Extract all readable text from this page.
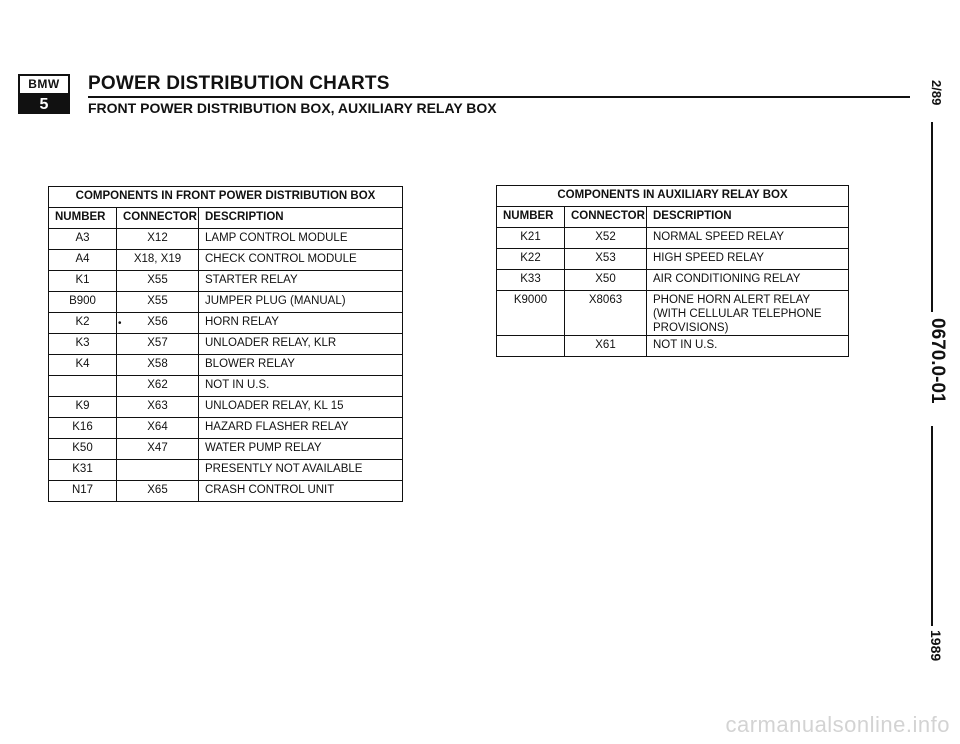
BMW
5
POWER DISTRIBUTION CHARTS
FRONT POWER DISTRIBUTION BOX, AUXILIARY RELAY BOX
COMPONENTS IN FRONT POWER DISTRIBUTION BOX		
NUMBER	CONNECTOR	DESCRIPTION
A3	X12	LAMP CONTROL MODULE
A4	X18, X19	CHECK CONTROL MODULE
K1	X55	STARTER RELAY
B900	X55	JUMPER PLUG (MANUAL)
K2	X56	HORN RELAY
K3	X57	UNLOADER RELAY, KLR
K4	X58	BLOWER RELAY
	X62	NOT IN U.S.
K9	X63	UNLOADER RELAY, KL 15
K16	X64	HAZARD FLASHER RELAY
K50	X47	WATER PUMP RELAY
K31		PRESENTLY NOT AVAILABLE
N17	X65	CRASH CONTROL UNIT
COMPONENTS IN AUXILIARY RELAY BOX		
NUMBER	CONNECTOR	DESCRIPTION
K21	X52	NORMAL SPEED RELAY
K22	X53	HIGH SPEED RELAY
K33	X50	AIR CONDITIONING RELAY
K9000	X8063	PHONE HORN ALERT RELAY
(WITH CELLULAR TELEPHONE
PROVISIONS)
	X61	NOT IN U.S.
•
2/89
0670.0-01
1989
carmanualsonline.info
